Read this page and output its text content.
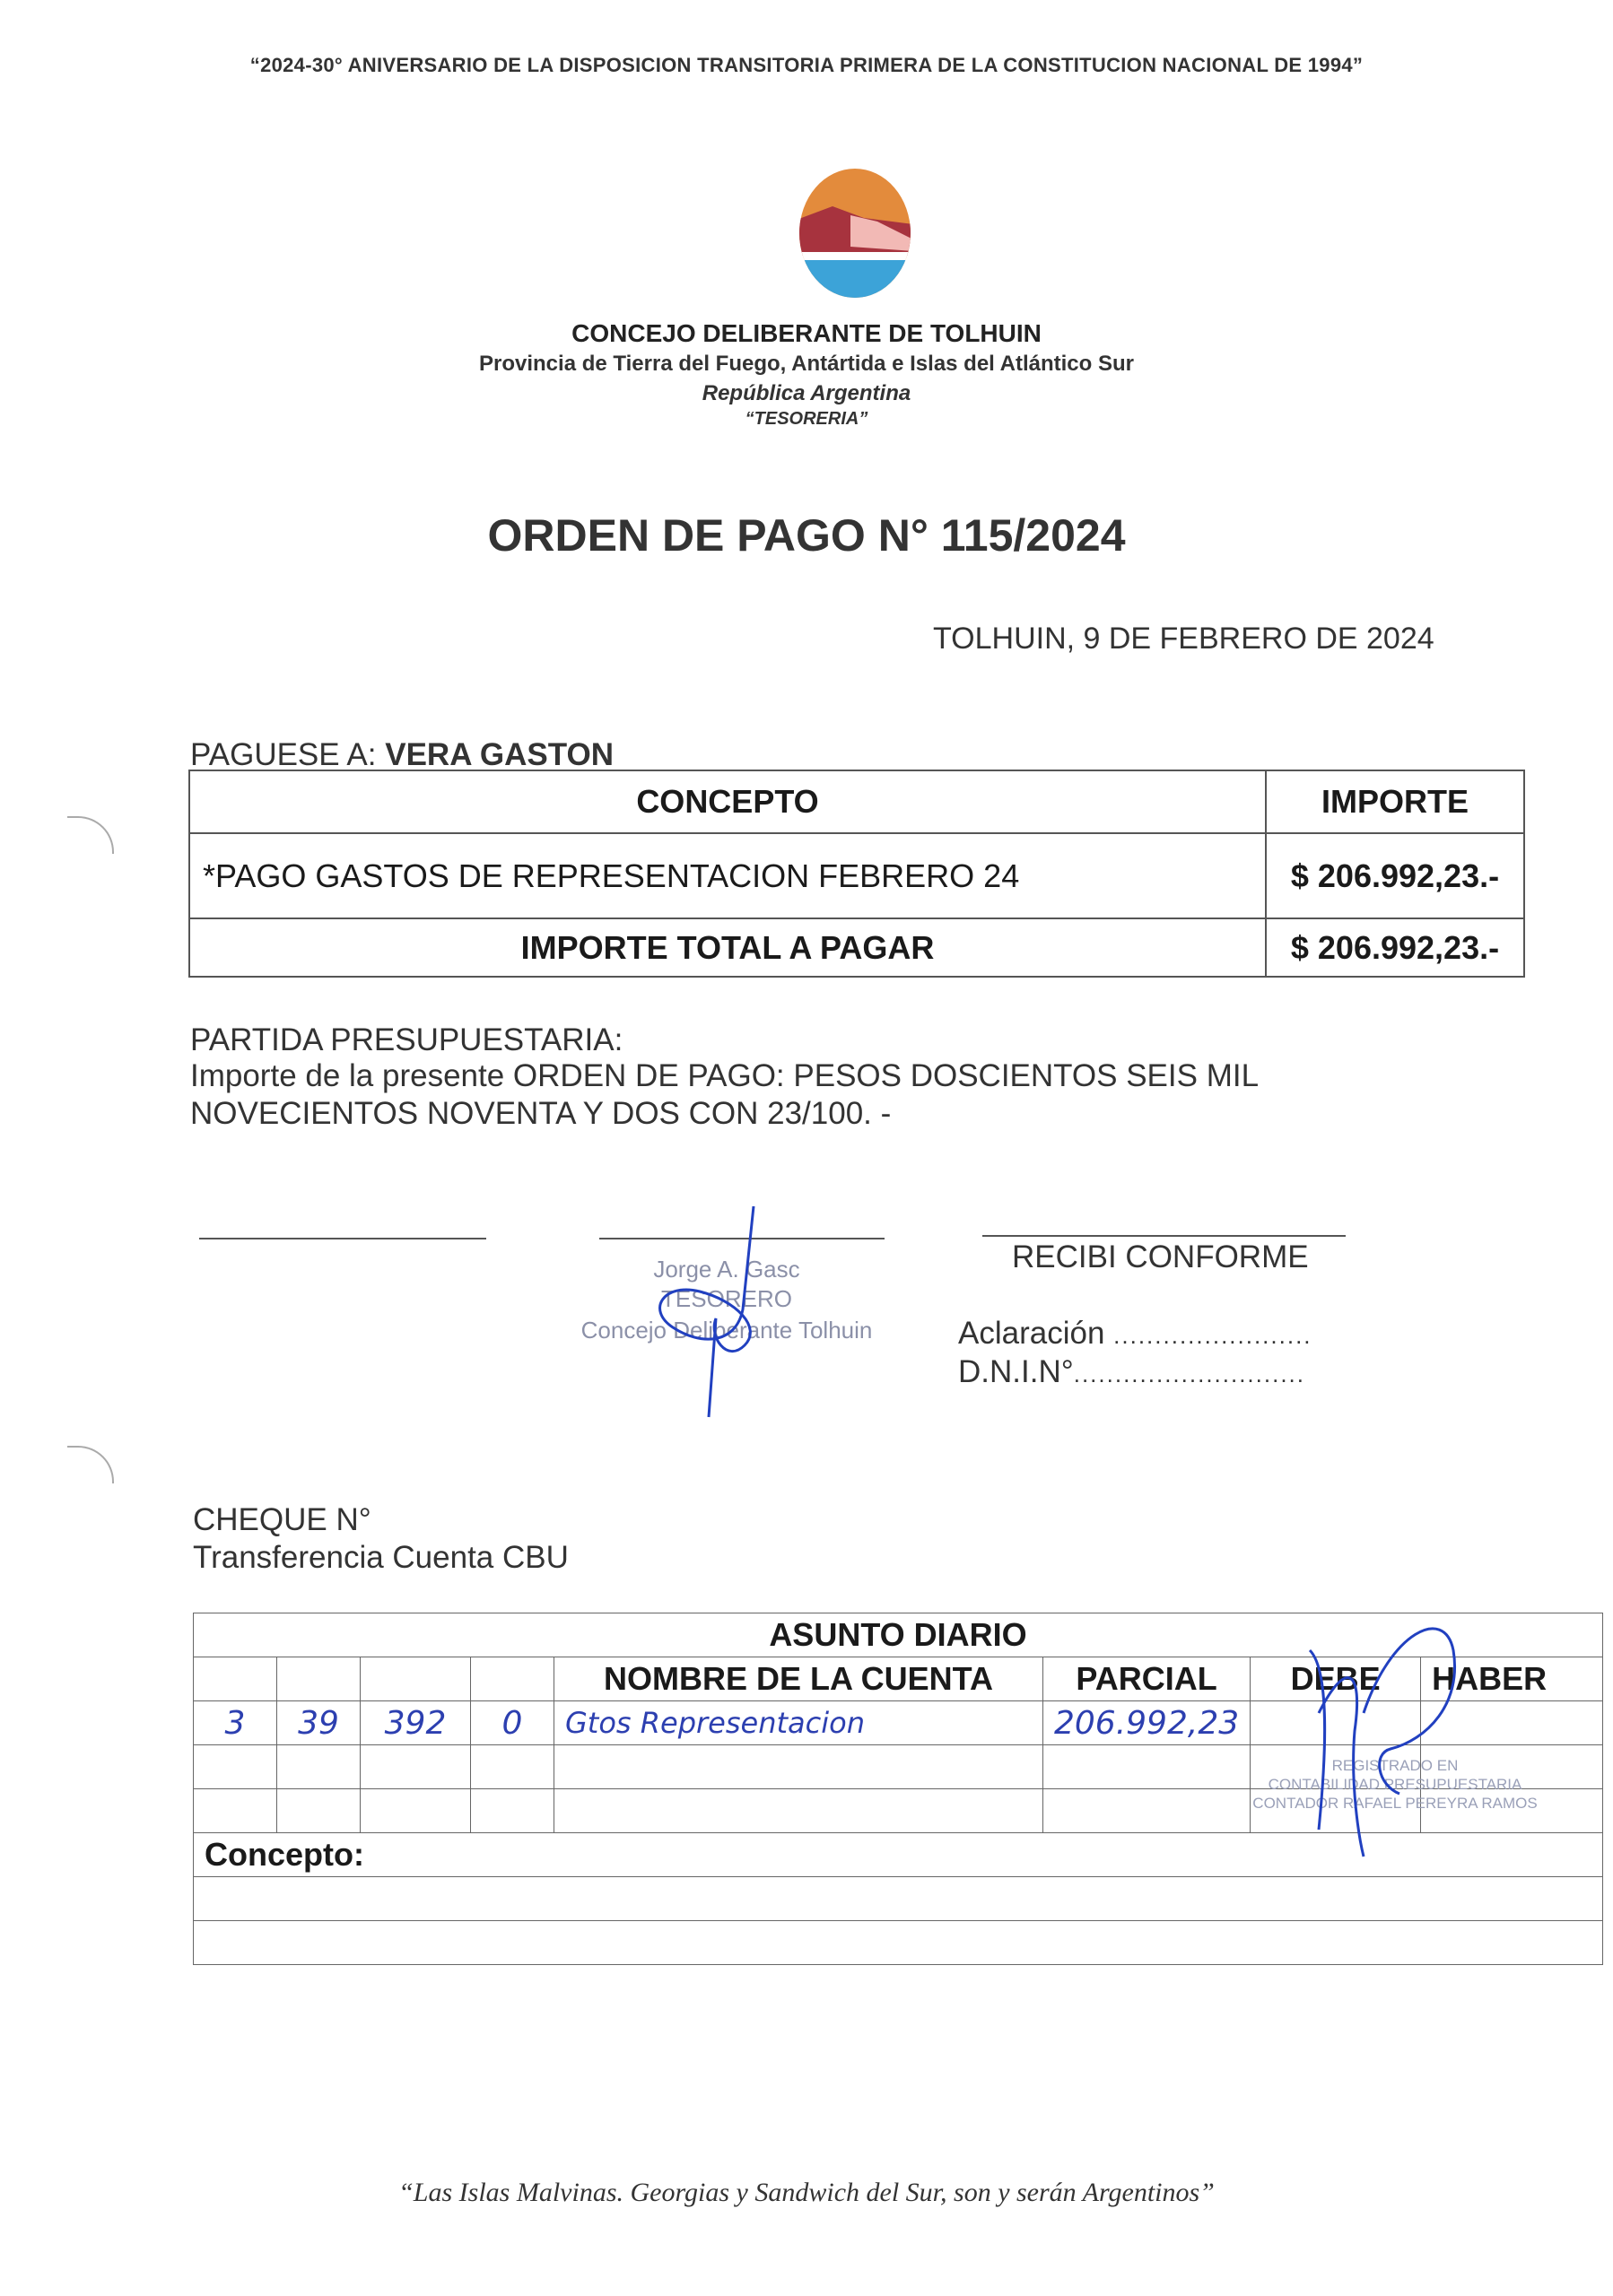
“2024-30° ANIVERSARIO DE LA DISPOSICION TRANSITORIA PRIMERA DE LA CONSTITUCION NACIONAL DE 1994”
CONCEJO DELIBERANTE DE TOLHUIN
Provincia de Tierra del Fuego, Antártida e Islas del Atlántico Sur
República Argentina
“TESORERIA”
ORDEN DE PAGO N° 115/2024
TOLHUIN, 9 DE FEBRERO DE 2024
PAGUESE A: VERA GASTON
CONCEPTO	IMPORTE
*PAGO GASTOS DE REPRESENTACION FEBRERO 24	$ 206.992,23.-
IMPORTE TOTAL A PAGAR	$ 206.992,23.-
PARTIDA PRESUPUESTARIA:
Importe de la presente ORDEN DE PAGO: PESOS DOSCIENTOS SEIS MIL
NOVECIENTOS NOVENTA Y DOS CON 23/100. -
Jorge A. Gasc
TESORERO
Concejo Deliberante Tolhuin
RECIBI CONFORME
Aclaración ........................
D.N.I.N°............................
CHEQUE N°
Transferencia Cuenta CBU
ASUNTO DIARIO							
				NOMBRE DE LA CUENTA	PARCIAL	DEBE	HABER
3	39	392	0	Gtos Representacion	206.992,23		

Concepto:							

REGISTRADO EN
CONTABILIDAD PRESUPUESTARIA
CONTADOR RAFAEL PEREYRA RAMOS
“Las Islas Malvinas. Georgias y Sandwich del Sur, son y serán Argentinos”
